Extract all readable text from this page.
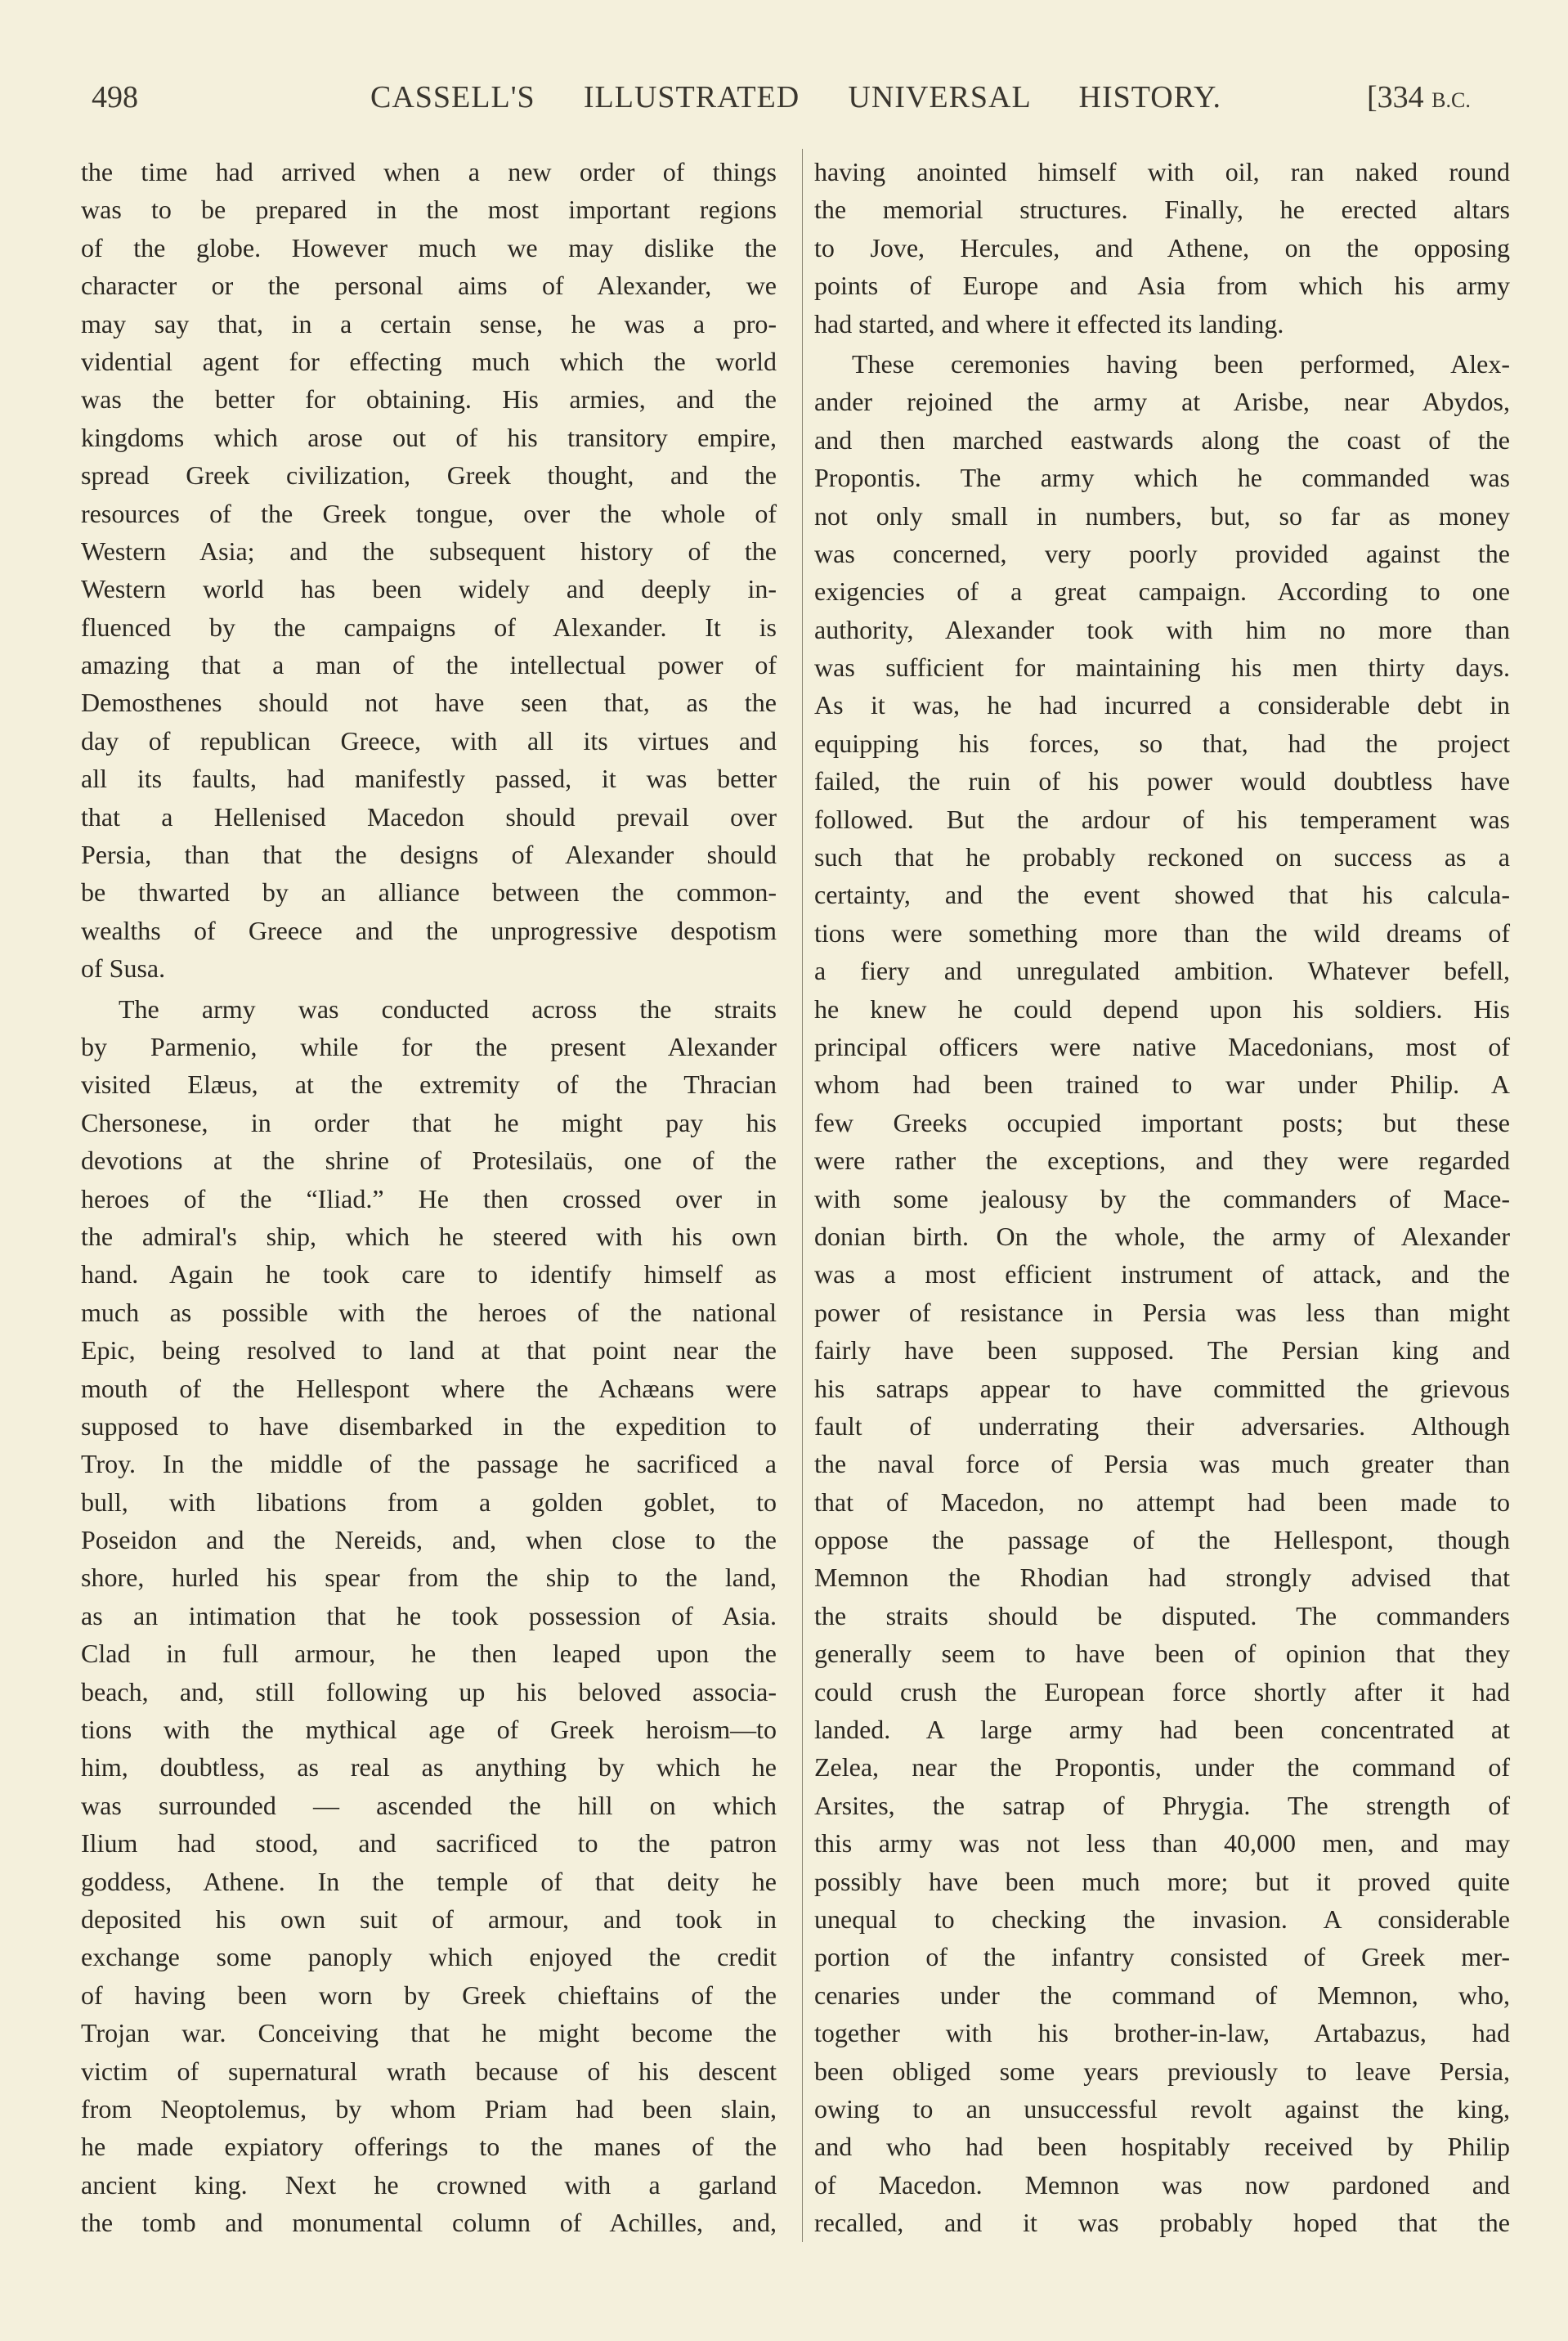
498	CASSELL'S ILLUSTRATED UNIVERSAL HISTORY.	[334 B.C.
the time had arrived when a new order of things
was to be prepared in the most important regions
of the globe. However much we may dislike the
character or the personal aims of Alexander, we
may say that, in a certain sense, he was a pro-
vidential agent for effecting much which the world
was the better for obtaining. His armies, and the
kingdoms which arose out of his transitory empire,
spread Greek civilization, Greek thought, and the
resources of the Greek tongue, over the whole of
Western Asia; and the subsequent history of the
Western world has been widely and deeply in-
fluenced by the campaigns of Alexander. It is
amazing that a man of the intellectual power of
Demosthenes should not have seen that, as the
day of republican Greece, with all its virtues and
all its faults, had manifestly passed, it was better
that a Hellenised Macedon should prevail over
Persia, than that the designs of Alexander should
be thwarted by an alliance between the common-
wealths of Greece and the unprogressive despotism
of Susa.
The army was conducted across the straits
by Parmenio, while for the present Alexander
visited Elæus, at the extremity of the Thracian
Chersonese, in order that he might pay his
devotions at the shrine of Protesilaüs, one of the
heroes of the “Iliad.” He then crossed over in
the admiral's ship, which he steered with his own
hand. Again he took care to identify himself as
much as possible with the heroes of the national
Epic, being resolved to land at that point near the
mouth of the Hellespont where the Achæans were
supposed to have disembarked in the expedition to
Troy. In the middle of the passage he sacrificed a
bull, with libations from a golden goblet, to
Poseidon and the Nereids, and, when close to the
shore, hurled his spear from the ship to the land,
as an intimation that he took possession of Asia.
Clad in full armour, he then leaped upon the
beach, and, still following up his beloved associa-
tions with the mythical age of Greek heroism—to
him, doubtless, as real as anything by which he
was surrounded — ascended the hill on which
Ilium had stood, and sacrificed to the patron
goddess, Athene. In the temple of that deity he
deposited his own suit of armour, and took in
exchange some panoply which enjoyed the credit
of having been worn by Greek chieftains of the
Trojan war. Conceiving that he might become the
victim of supernatural wrath because of his descent
from Neoptolemus, by whom Priam had been slain,
he made expiatory offerings to the manes of the
ancient king. Next he crowned with a garland
the tomb and monumental column of Achilles, and,
having anointed himself with oil, ran naked round
the memorial structures. Finally, he erected altars
to Jove, Hercules, and Athene, on the opposing
points of Europe and Asia from which his army
had started, and where it effected its landing.
These ceremonies having been performed, Alex-
ander rejoined the army at Arisbe, near Abydos,
and then marched eastwards along the coast of the
Propontis. The army which he commanded was
not only small in numbers, but, so far as money
was concerned, very poorly provided against the
exigencies of a great campaign. According to one
authority, Alexander took with him no more than
was sufficient for maintaining his men thirty days.
As it was, he had incurred a considerable debt in
equipping his forces, so that, had the project
failed, the ruin of his power would doubtless have
followed. But the ardour of his temperament was
such that he probably reckoned on success as a
certainty, and the event showed that his calcula-
tions were something more than the wild dreams of
a fiery and unregulated ambition. Whatever befell,
he knew he could depend upon his soldiers. His
principal officers were native Macedonians, most of
whom had been trained to war under Philip. A
few Greeks occupied important posts; but these
were rather the exceptions, and they were regarded
with some jealousy by the commanders of Mace-
donian birth. On the whole, the army of Alexander
was a most efficient instrument of attack, and the
power of resistance in Persia was less than might
fairly have been supposed. The Persian king and
his satraps appear to have committed the grievous
fault of underrating their adversaries. Although
the naval force of Persia was much greater than
that of Macedon, no attempt had been made to
oppose the passage of the Hellespont, though
Memnon the Rhodian had strongly advised that
the straits should be disputed. The commanders
generally seem to have been of opinion that they
could crush the European force shortly after it had
landed. A large army had been concentrated at
Zelea, near the Propontis, under the command of
Arsites, the satrap of Phrygia. The strength of
this army was not less than 40,000 men, and may
possibly have been much more; but it proved quite
unequal to checking the invasion. A considerable
portion of the infantry consisted of Greek mer-
cenaries under the command of Memnon, who,
together with his brother-in-law, Artabazus, had
been obliged some years previously to leave Persia,
owing to an unsuccessful revolt against the king,
and who had been hospitably received by Philip
of Macedon. Memnon was now pardoned and
recalled, and it was probably hoped that the
